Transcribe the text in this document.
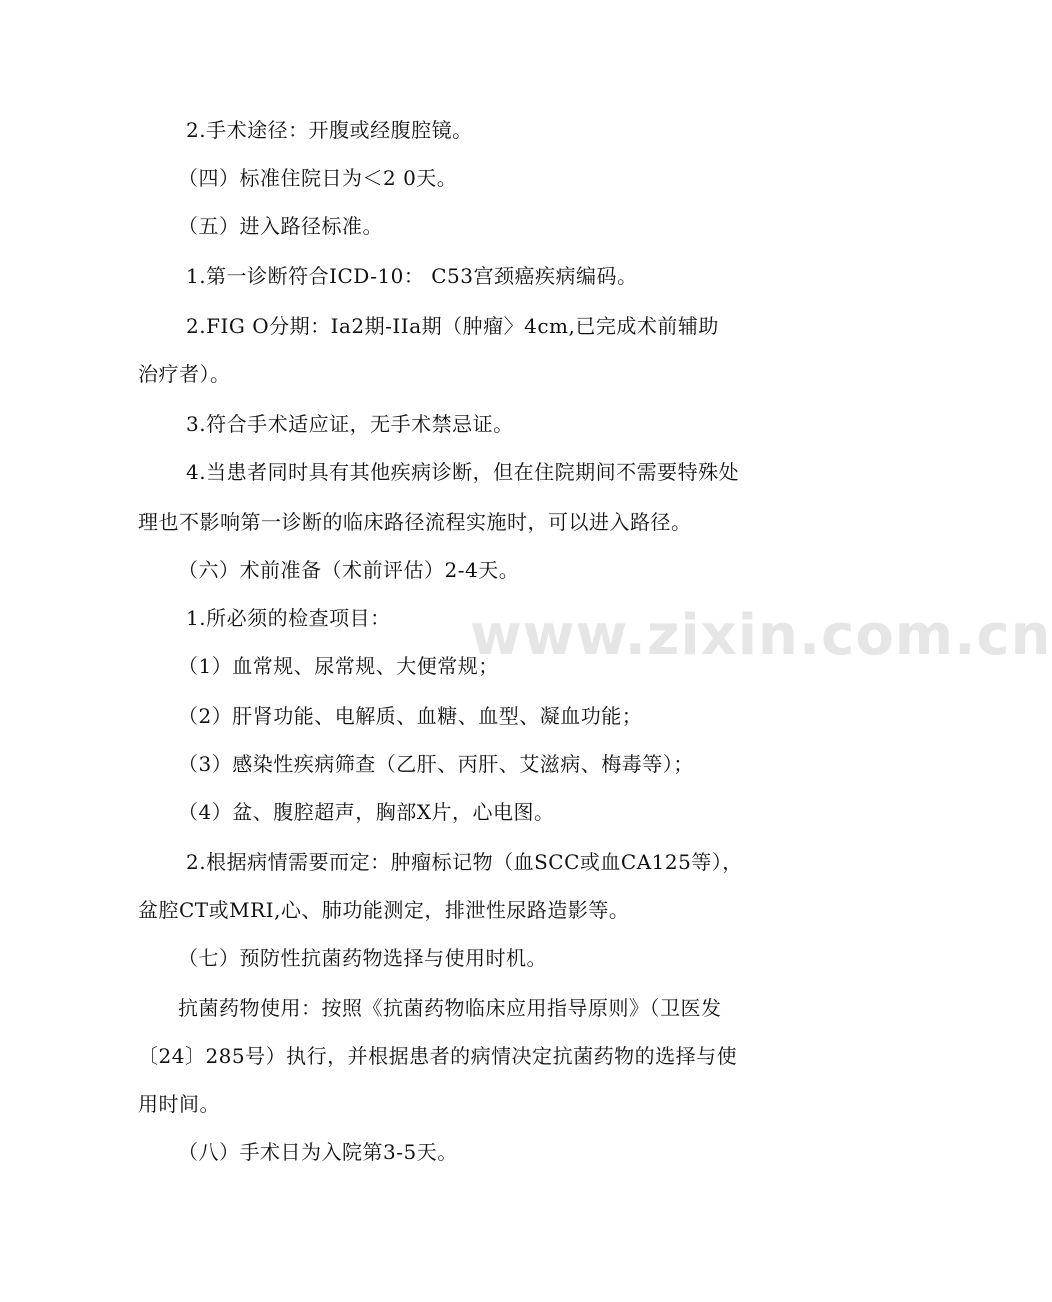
www.zixin.com.cn
2.手术途径：开腹或经腹腔镜。
（四）标准住院日为＜2 0天。
（五）进入路径标准。
1.第一诊断符合ICD-10： C53宫颈癌疾病编码。
2.FIG O分期：Ia2期-IIa期（肿瘤〉4cm,已完成术前辅助
治疗者）。
3.符合手术适应证，无手术禁忌证。
4.当患者同时具有其他疾病诊断，但在住院期间不需要特殊处
理也不影响第一诊断的临床路径流程实施时，可以进入路径。
（六）术前准备（术前评估）2-4天。
1.所必须的检查项目：
（1）血常规、尿常规、大便常规；
（2）肝肾功能、电解质、血糖、血型、凝血功能；
（3）感染性疾病筛查（乙肝、丙肝、艾滋病、梅毒等）；
（4）盆、腹腔超声，胸部X片，心电图。
2.根据病情需要而定：肿瘤标记物（血SCC或血CA125等），
盆腔CT或MRI,心、肺功能测定，排泄性尿路造影等。
（七）预防性抗菌药物选择与使用时机。
抗菌药物使用：按照《抗菌药物临床应用指导原则》（卫医发
〔24〕285号）执行，并根据患者的病情决定抗菌药物的选择与使
用时间。
（八）手术日为入院第3-5天。
